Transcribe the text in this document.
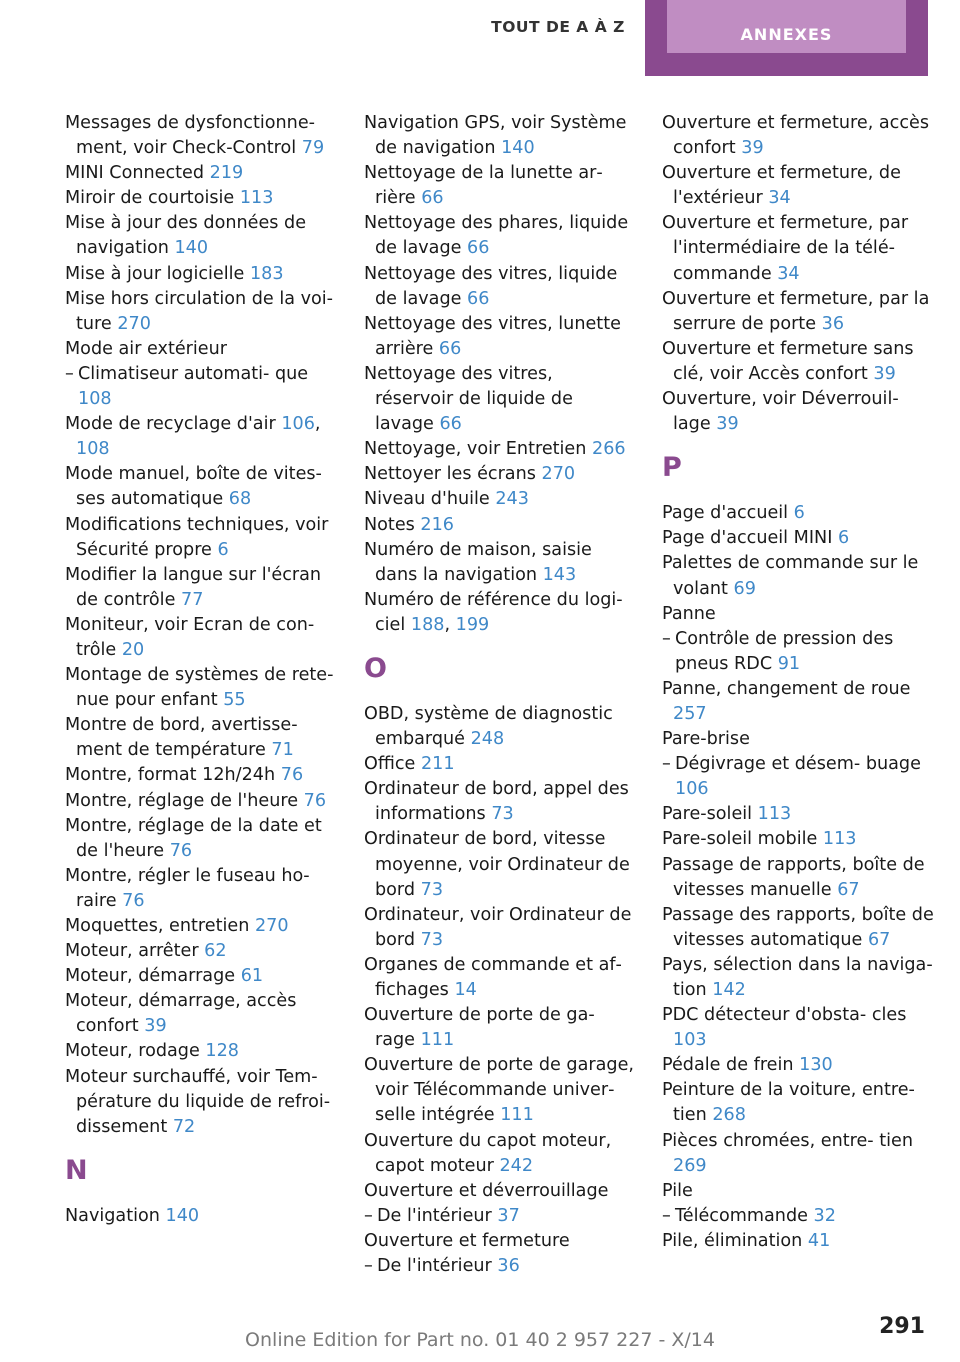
TOUT DE A À Z	ANNEXES
Messages de dysfonctionne‐ ment, voir Check-Control 79
MINI Connected 219
Miroir de courtoisie 113
Mise à jour des données de navigation 140
Mise à jour logicielle 183
Mise hors circulation de la voi‐ ture 270
Mode air extérieur
–Climatiseur automati‐ que 108
Mode de recyclage d'air 106, 108
Mode manuel, boîte de vites‐ ses automatique 68
Modifications techniques, voir Sécurité propre 6
Modifier la langue sur l'écran de contrôle 77
Moniteur, voir Ecran de con‐ trôle 20
Montage de systèmes de rete‐ nue pour enfant 55
Montre de bord, avertisse‐ ment de température 71
Montre, format 12h/24h 76
Montre, réglage de l'heure 76
Montre, réglage de la date et de l'heure 76
Montre, régler le fuseau ho‐ raire 76
Moquettes, entretien 270
Moteur, arrêter 62
Moteur, démarrage 61
Moteur, démarrage, accès confort 39
Moteur, rodage 128
Moteur surchauffé, voir Tem‐ pérature du liquide de refroi‐ dissement 72
N
Navigation 140
Navigation GPS, voir Système de navigation 140
Nettoyage de la lunette ar‐ rière 66
Nettoyage des phares, liquide de lavage 66
Nettoyage des vitres, liquide de lavage 66
Nettoyage des vitres, lunette arrière 66
Nettoyage des vitres, réservoir de liquide de lavage 66
Nettoyage, voir Entretien 266
Nettoyer les écrans 270
Niveau d'huile 243
Notes 216
Numéro de maison, saisie dans la navigation 143
Numéro de référence du logi‐ ciel 188, 199
O
OBD, système de diagnostic embarqué 248
Office 211
Ordinateur de bord, appel des informations 73
Ordinateur de bord, vitesse moyenne, voir Ordinateur de bord 73
Ordinateur, voir Ordinateur de bord 73
Organes de commande et af‐ fichages 14
Ouverture de porte de ga‐ rage 111
Ouverture de porte de garage, voir Télécommande univer‐ selle intégrée 111
Ouverture du capot moteur, capot moteur 242
Ouverture et déverrouillage
–De l'intérieur 37
Ouverture et fermeture
–De l'intérieur 36
Ouverture et fermeture, accès confort 39
Ouverture et fermeture, de l'extérieur 34
Ouverture et fermeture, par l'intermédiaire de la télé‐ commande 34
Ouverture et fermeture, par la serrure de porte 36
Ouverture et fermeture sans clé, voir Accès confort 39
Ouverture, voir Déverrouil‐ lage 39
P
Page d'accueil 6
Page d'accueil MINI 6
Palettes de commande sur le volant 69
Panne
–Contrôle de pression des pneus RDC 91
Panne, changement de roue 257
Pare-brise
–Dégivrage et désem‐ buage 106
Pare-soleil 113
Pare-soleil mobile 113
Passage de rapports, boîte de vitesses manuelle 67
Passage des rapports, boîte de vitesses automatique 67
Pays, sélection dans la naviga‐ tion 142
PDC détecteur d'obsta‐ cles 103
Pédale de frein 130
Peinture de la voiture, entre‐ tien 268
Pièces chromées, entre‐ tien 269
Pile
–Télécommande 32
Pile, élimination 41
291
Online Edition for Part no. 01 40 2 957 227 - X/14
